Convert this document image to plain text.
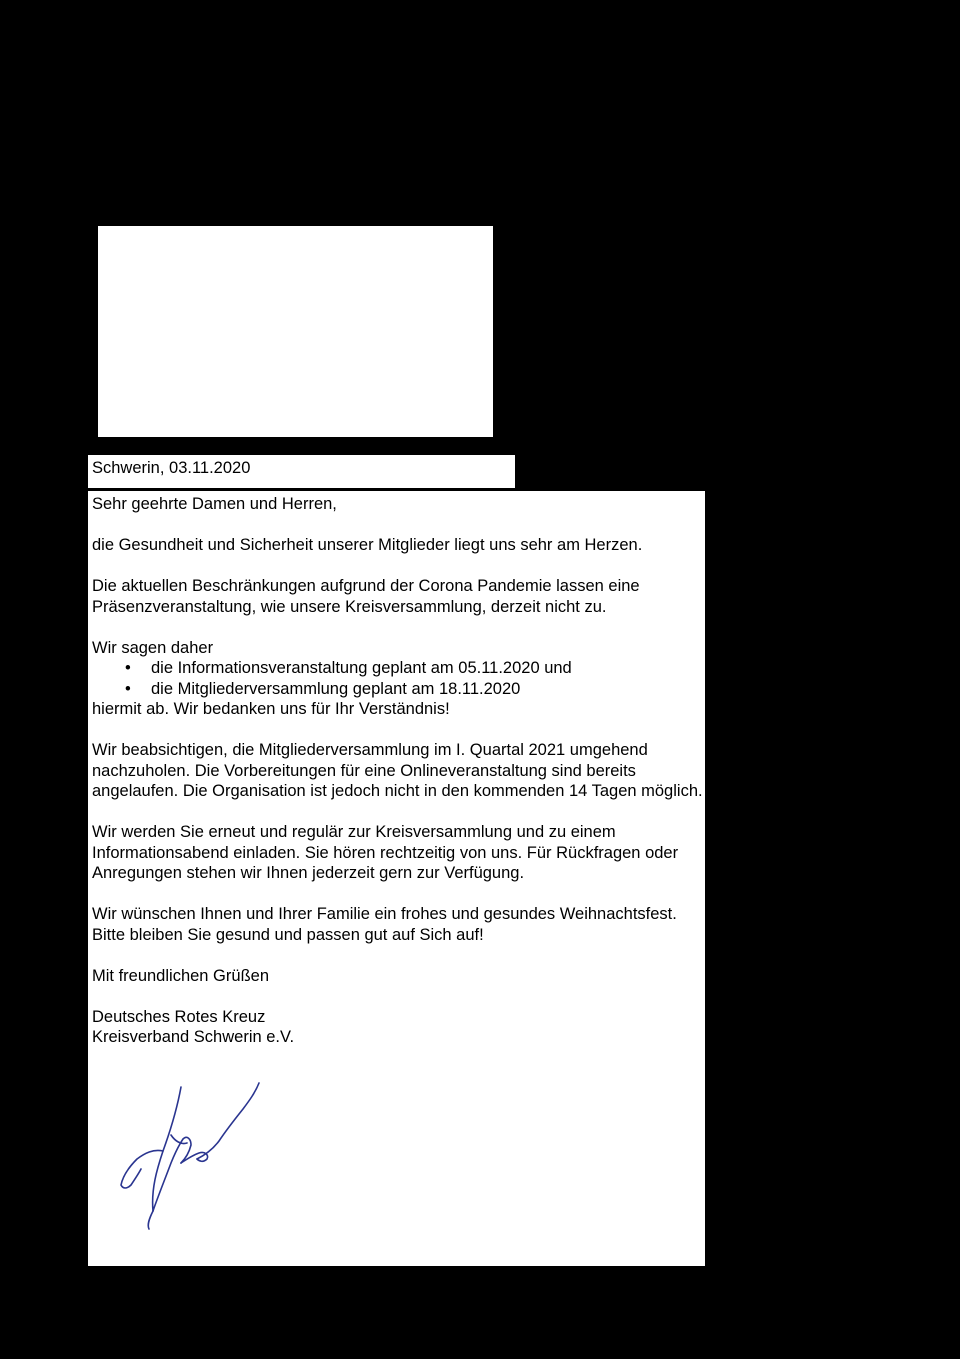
Schwerin, 03.11.2020

Sehr geehrte Damen und Herren,

die Gesundheit und Sicherheit unserer Mitglieder liegt uns sehr am Herzen.

Die aktuellen Beschränkungen aufgrund der Corona Pandemie lassen eine Präsenzveranstaltung, wie unsere Kreisversammlung, derzeit nicht zu.

Wir sagen daher

• die Informationsveranstaltung geplant am 05.11.2020 und
• die Mitgliederversammlung geplant am 18.11.2020

hiermit ab. Wir bedanken uns für Ihr Verständnis!

Wir beabsichtigen, die Mitgliederversammlung im I. Quartal 2021 umgehend nachzuholen. Die Vorbereitungen für eine Onlineveranstaltung sind bereits angelaufen. Die Organisation ist jedoch nicht in den kommenden 14 Tagen möglich.

Wir werden Sie erneut und regulär zur Kreisversammlung und zu einem Informationsabend einladen. Sie hören rechtzeitig von uns. Für Rückfragen oder Anregungen stehen wir Ihnen jederzeit gern zur Verfügung.

Wir wünschen Ihnen und Ihrer Familie ein frohes und gesundes Weihnachtsfest. Bitte bleiben Sie gesund und passen gut auf Sich auf!

Mit freundlichen Grüßen

Deutsches Rotes Kreuz

Kreisverband Schwerin e.V.
